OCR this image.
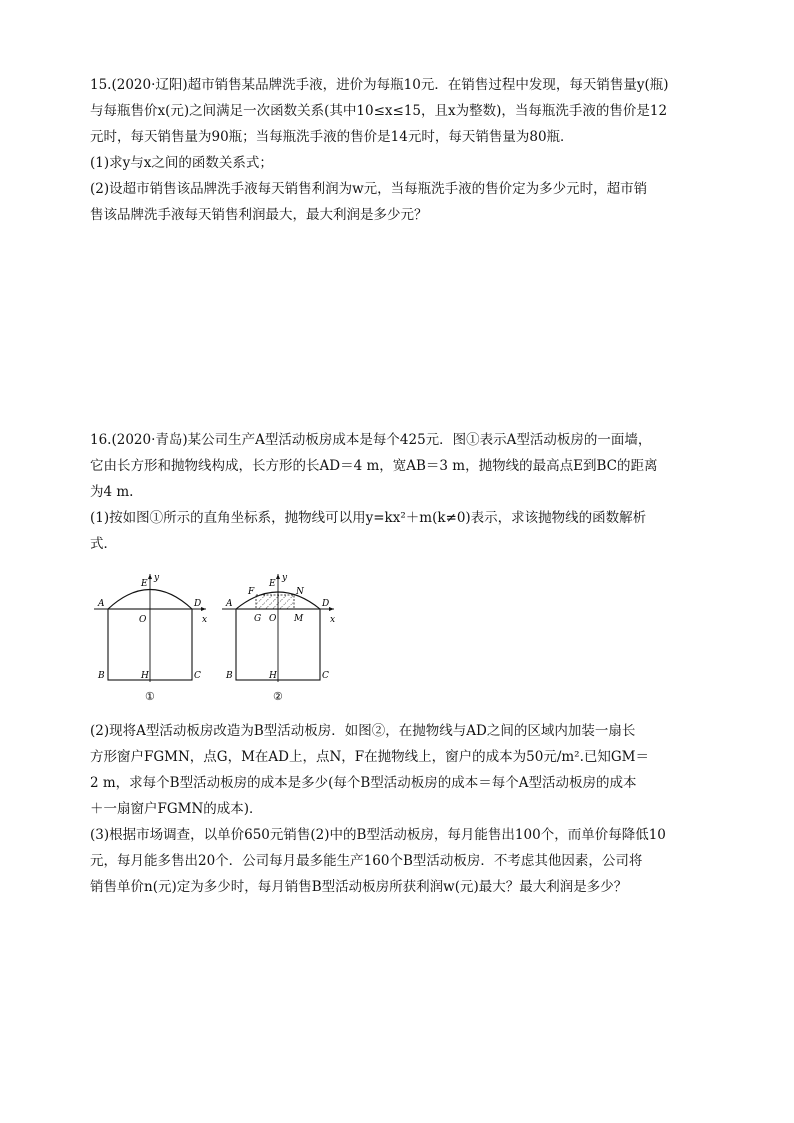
15.(2020·辽阳)超市销售某品牌洗手液，进价为每瓶10元．在销售过程中发现，每天销售量y(瓶)

与每瓶售价x(元)之间满足一次函数关系(其中10≤x≤15，且x为整数)，当每瓶洗手液的售价是12

元时，每天销售量为90瓶；当每瓶洗手液的售价是14元时，每天销售量为80瓶．

(1)求y与x之间的函数关系式；

(2)设超市销售该品牌洗手液每天销售利润为w元，当每瓶洗手液的售价定为多少元时，超市销

售该品牌洗手液每天销售利润最大，最大利润是多少元？

16.(2020·青岛)某公司生产A型活动板房成本是每个425元．图①表示A型活动板房的一面墙，

它由长方形和抛物线构成，长方形的长AD＝4 m，宽AB＝3 m，抛物线的最高点E到BC的距离

为4 m.

(1)按如图①所示的直角坐标系，抛物线可以用y=kx²＋m(k≠0)表示，求该抛物线的函数解析

式．

y
x
A	D
E
O
B	H	C
①
y
x
A	D
E
F	N
G O M
B	H	C
②

(2)现将A型活动板房改造为B型活动板房．如图②，在抛物线与AD之间的区域内加装一扇长

方形窗户FGMN，点G，M在AD上，点N，F在抛物线上，窗户的成本为50元/m².已知GM＝

2 m，求每个B型活动板房的成本是多少(每个B型活动板房的成本＝每个A型活动板房的成本

＋一扇窗户FGMN的成本)．

(3)根据市场调查，以单价650元销售(2)中的B型活动板房，每月能售出100个，而单价每降低10

元，每月能多售出20个．公司每月最多能生产160个B型活动板房．不考虑其他因素，公司将

销售单价n(元)定为多少时，每月销售B型活动板房所获利润w(元)最大？最大利润是多少？
